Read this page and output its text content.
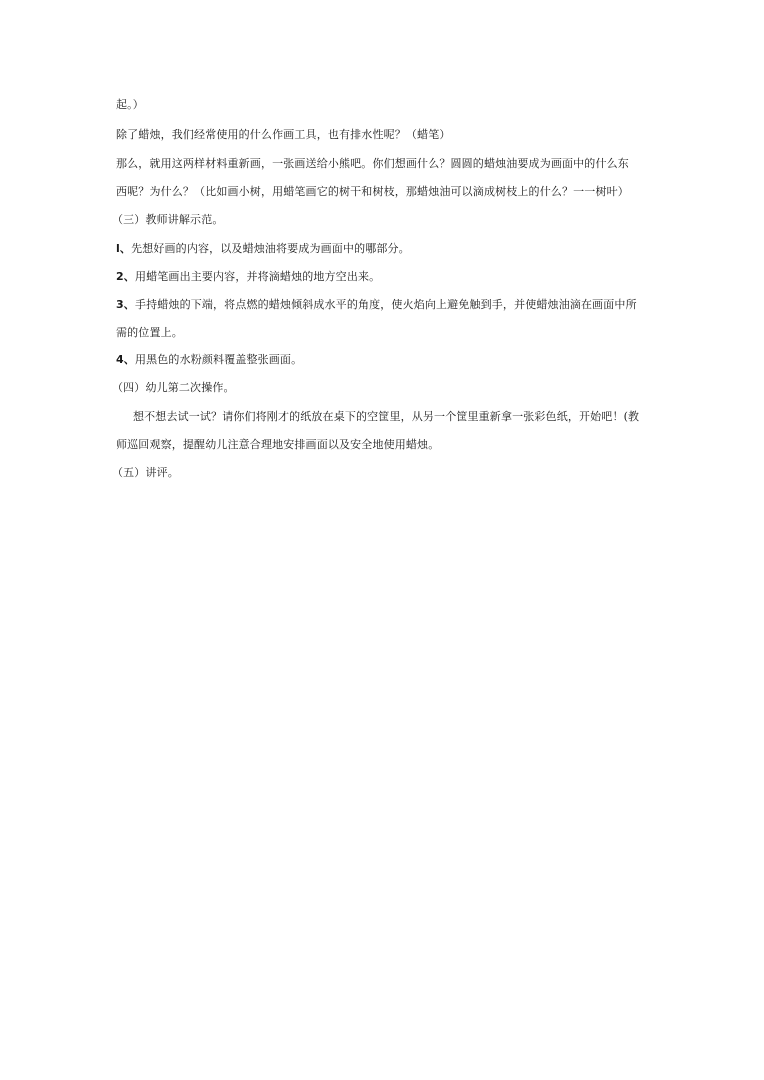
起。）
除了蜡烛，我们经常使用的什么作画工具，也有排水性呢？（蜡笔）
那么，就用这两样材料重新画，一张画送给小熊吧。你们想画什么？圆圆的蜡烛油要成为画面中的什么东
西呢？为什么？（比如画小树，用蜡笔画它的树干和树枝，那蜡烛油可以滴成树枝上的什么？一一树叶）
（三）教师讲解示范。
l、先想好画的内容，以及蜡烛油将要成为画面中的哪部分。
2、用蜡笔画出主要内容，并将滴蜡烛的地方空出来。
3、手持蜡烛的下端，将点燃的蜡烛倾斜成水平的角度，使火焰向上避免触到手，并使蜡烛油滴在画面中所
需的位置上。
4、用黑色的水粉颜料覆盖整张画面。
（四）幼儿第二次操作。
想不想去试一试？请你们将刚才的纸放在桌下的空筐里，从另一个筐里重新拿一张彩色纸，开始吧！(教
师巡回观察，提醒幼儿注意合理地安排画面以及安全地使用蜡烛。
（五）讲评。
